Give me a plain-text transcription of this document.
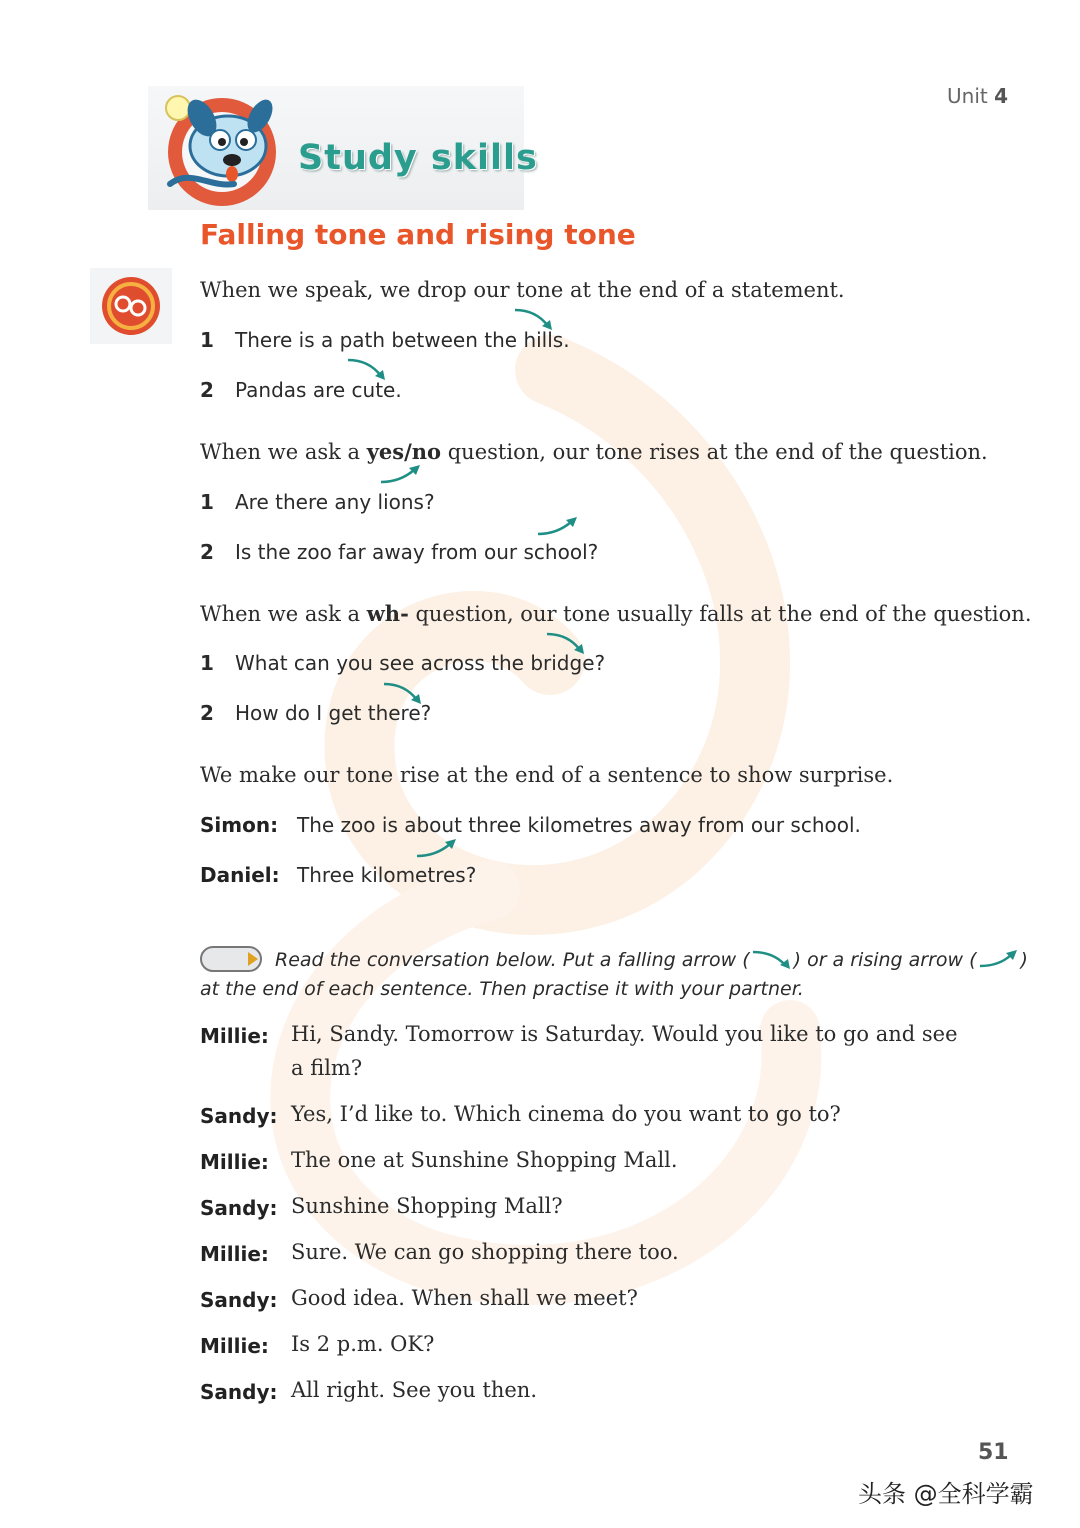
Unit 4
Study skills
Falling tone and rising tone
When we speak, we drop our tone at the end of a statement.
1 There is a path between the hills.
2 Pandas are cute.
When we ask a yes/no question, our tone rises at the end of the question.
1 Are there any lions?
2 Is the zoo far away from our school?
When we ask a wh- question, our tone usually falls at the end of the question.
1 What can you see across the bridge?
2 How do I get there?
We make our tone rise at the end of a sentence to show surprise.
Simon: The zoo is about three kilometres away from our school.
Daniel: Three kilometres?
Read the conversation below. Put a falling arrow ( ) or a rising arrow ( )
at the end of each sentence. Then practise it with your partner.
Millie: Hi, Sandy. Tomorrow is Saturday. Would you like to go and see
a film?
Sandy: Yes, I’d like to. Which cinema do you want to go to?
Millie: The one at Sunshine Shopping Mall.
Sandy: Sunshine Shopping Mall?
Millie: Sure. We can go shopping there too.
Sandy: Good idea. When shall we meet?
Millie: Is 2 p.m. OK?
Sandy: All right. See you then.
51
头条 @全科学霸
